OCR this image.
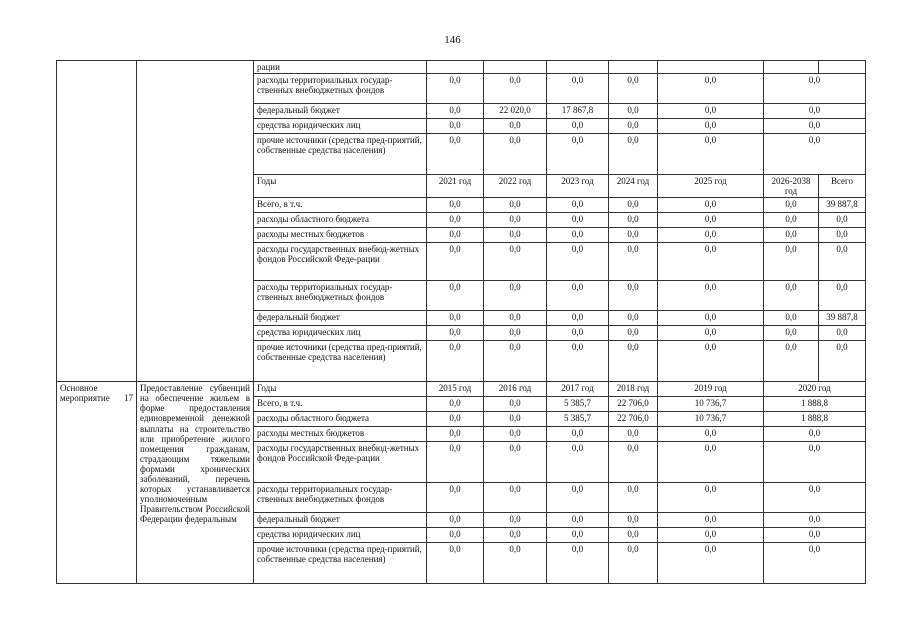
146
		рации							
		расходы территориальных государ-ственных внебюджетных фондов	0,0	0,0	0,0	0,0	0,0	0,0	
		федеральный бюджет	0,0	22 020,0	17 867,8	0,0	0,0	0,0	
		средства юридических лиц	0,0	0,0	0,0	0,0	0,0	0,0	
		прочие источники (средства пред-приятий, собственные средства населения)	0,0	0,0	0,0	0,0	0,0	0,0	
		Годы	2021 год	2022 год	2023 год	2024 год	2025 год	2026-2038 год	Всего
		Всего, в т.ч.	0,0	0,0	0,0	0,0	0,0	0,0	39 887,8
		расходы областного бюджета	0,0	0,0	0,0	0,0	0,0	0,0	0,0
		расходы местных бюджетов	0,0	0,0	0,0	0,0	0,0	0,0	0,0
		расходы государственных внебюд-жетных фондов Российской Феде-рации	0,0	0,0	0,0	0,0	0,0	0,0	0,0
		расходы территориальных государ-ственных внебюджетных фондов	0,0	0,0	0,0	0,0	0,0	0,0	0,0
		федеральный бюджет	0,0	0,0	0,0	0,0	0,0	0,0	39 887,8
		средства юридических лиц	0,0	0,0	0,0	0,0	0,0	0,0	0,0
		прочие источники (средства пред-приятий, собственные средства населения)	0,0	0,0	0,0	0,0	0,0	0,0	0,0
Основное мероприятие 17	Предоставление субвенций на обеспечение жильем в форме предоставления единовременной денежной выплаты на строительство или приобретение жилого помещения гражданам, страдающим тяжелыми формами хронических заболеваний, перечень которых устанавливается уполномоченным Правительством Российской Федерации федеральным	Годы	2015 год	2016 год	2017 год	2018 год	2019 год	2020 год	
		Всего, в т.ч.	0,0	0,0	5 385,7	22 706,0	10 736,7	1 888,8	
		расходы областного бюджета	0,0	0,0	5 385,7	22 706,0	10 736,7	1 888,8	
		расходы местных бюджетов	0,0	0,0	0,0	0,0	0,0	0,0	
		расходы государственных внебюд-жетных фондов Российской Феде-рации	0,0	0,0	0,0	0,0	0,0	0,0	
		расходы территориальных государ-ственных внебюджетных фондов	0,0	0,0	0,0	0,0	0,0	0,0	
		федеральный бюджет	0,0	0,0	0,0	0,0	0,0	0,0	
		средства юридических лиц	0,0	0,0	0,0	0,0	0,0	0,0	
		прочие источники (средства пред-приятий, собственные средства населения)	0,0	0,0	0,0	0,0	0,0	0,0	
